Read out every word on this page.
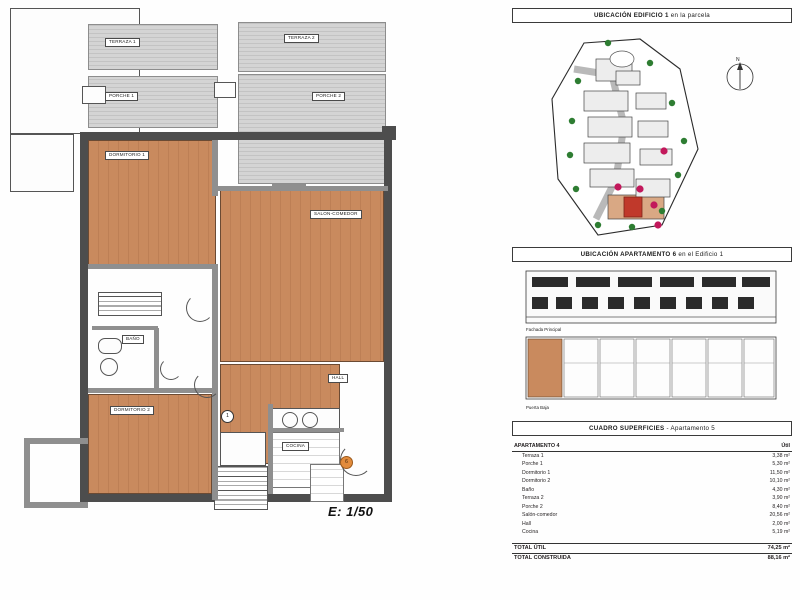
TERRAZA 1
TERRAZA 2
PORCHE 1	PORCHE 2
DORMITORIO 1
DORMITORIO 2
SALON-COMEDOR
BAÑO
HALL
COCINA
1
6
E: 1/50
UBICACIÓN EDIFICIO 1 en la parcela
N
UBICACIÓN APARTAMENTO 6 en el Edificio 1
Fachada Principal
Puerta Baja
CUADRO SUPERFICIES - Apartamento 5
APARTAMENTO 4	Útil
Terraza 1	3,38 m²
Porche 1	5,30 m²
Dormitorio 1	11,50 m²
Dormitorio 2	10,10 m²
Baño	4,30 m²
Terraza 2	3,90 m²
Porche 2	8,40 m²
Salón-comedor	20,56 m²
Hall	2,00 m²
Cocina	5,19 m²

TOTAL ÚTIL	74,25 m²
TOTAL CONSTRUIDA	88,16 m²
